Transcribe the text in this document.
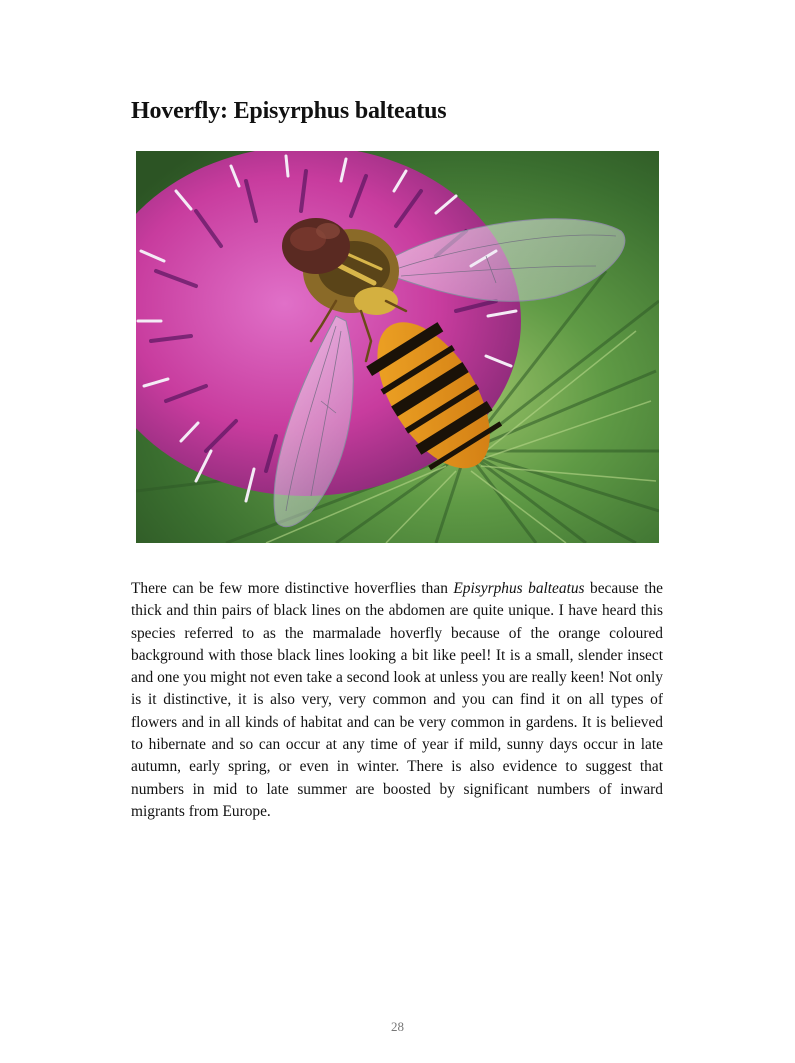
Hoverfly: Episyrphus balteatus

There can be few more distinctive hoverflies than Episyrphus balteatus because the thick and thin pairs of black lines on the abdomen are quite unique. I have heard this species referred to as the marmalade hoverfly because of the orange coloured background with those black lines looking a bit like peel! It is a small, slender insect and one you might not even take a second look at unless you are really keen! Not only is it distinctive, it is also very, very common and you can find it on all types of flowers and in all kinds of habitat and can be very common in gardens. It is believed to hibernate and so can occur at any time of year if mild, sunny days occur in late autumn, early spring, or even in winter. There is also evidence to suggest that numbers in mid to late summer are boosted by significant numbers of inward migrants from Europe.

28
